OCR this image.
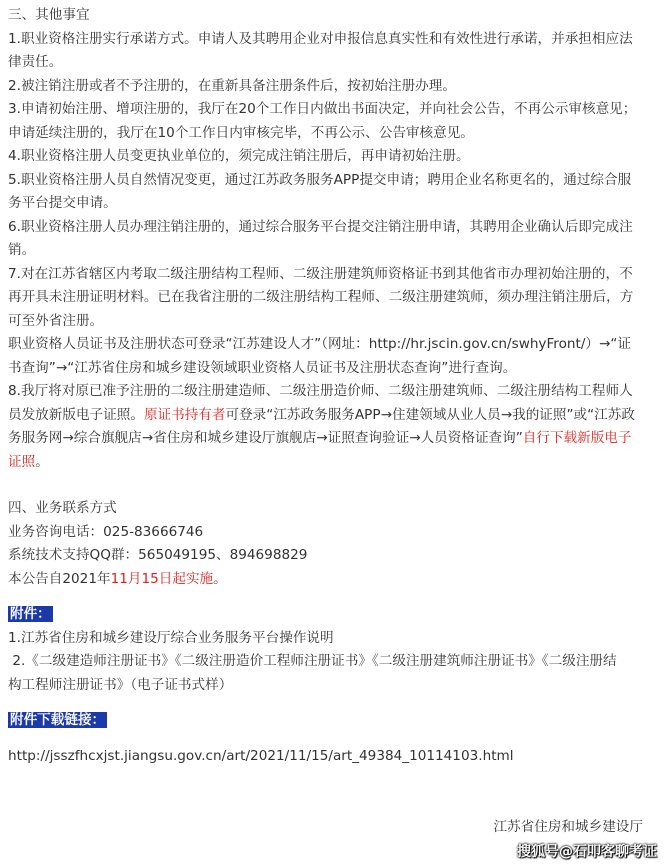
三、其他事宜
1.职业资格注册实行承诺方式。申请人及其聘用企业对申报信息真实性和有效性进行承诺，并承担相应法
律责任。
2.被注销注册或者不予注册的，在重新具备注册条件后，按初始注册办理。
3.申请初始注册、增项注册的，我厅在20个工作日内做出书面决定，并向社会公告，不再公示审核意见；
申请延续注册的，我厅在10个工作日内审核完毕，不再公示、公告审核意见。
4.职业资格注册人员变更执业单位的，须完成注销注册后，再申请初始注册。
5.职业资格注册人员自然情况变更，通过江苏政务服务APP提交申请；聘用企业名称更名的，通过综合服
务平台提交申请。
6.职业资格注册人员办理注销注册的，通过综合服务平台提交注销注册申请，其聘用企业确认后即完成注
销。
7.对在江苏省辖区内考取二级注册结构工程师、二级注册建筑师资格证书到其他省市办理初始注册的，不
再开具未注册证明材料。已在我省注册的二级注册结构工程师、二级注册建筑师，须办理注销注册后，方
可至外省注册。
职业资格人员证书及注册状态可登录“江苏建设人才”（网址：http://hr.jscin.gov.cn/swhyFront/）→“证
书查询”→“江苏省住房和城乡建设领域职业资格人员证书及注册状态查询”进行查询。
8.我厅将对原已准予注册的二级注册建造师、二级注册造价师、二级注册建筑师、二级注册结构工程师人
员发放新版电子证照。原证书持有者可登录“江苏政务服务APP→住建领域从业人员→我的证照”或“江苏政
务服务网→综合旗舰店→省住房和城乡建设厅旗舰店→证照查询验证→人员资格证查询”自行下载新版电子
证照。
四、业务联系方式
业务咨询电话：025-83666746
系统技术支持QQ群：565049195、894698829
本公告自2021年11月15日起实施。
附件：
1.江苏省住房和城乡建设厅综合业务服务平台操作说明
2.《二级建造师注册证书》《二级注册造价工程师注册证书》《二级注册建筑师注册证书》《二级注册结
构工程师注册证书》（电子证书式样）
附件下载链接：
http://jsszfhcxjst.jiangsu.gov.cn/art/2021/11/15/art_49384_10114103.html
江苏省住房和城乡建设厅
搜狐号@石叩客聊考证
